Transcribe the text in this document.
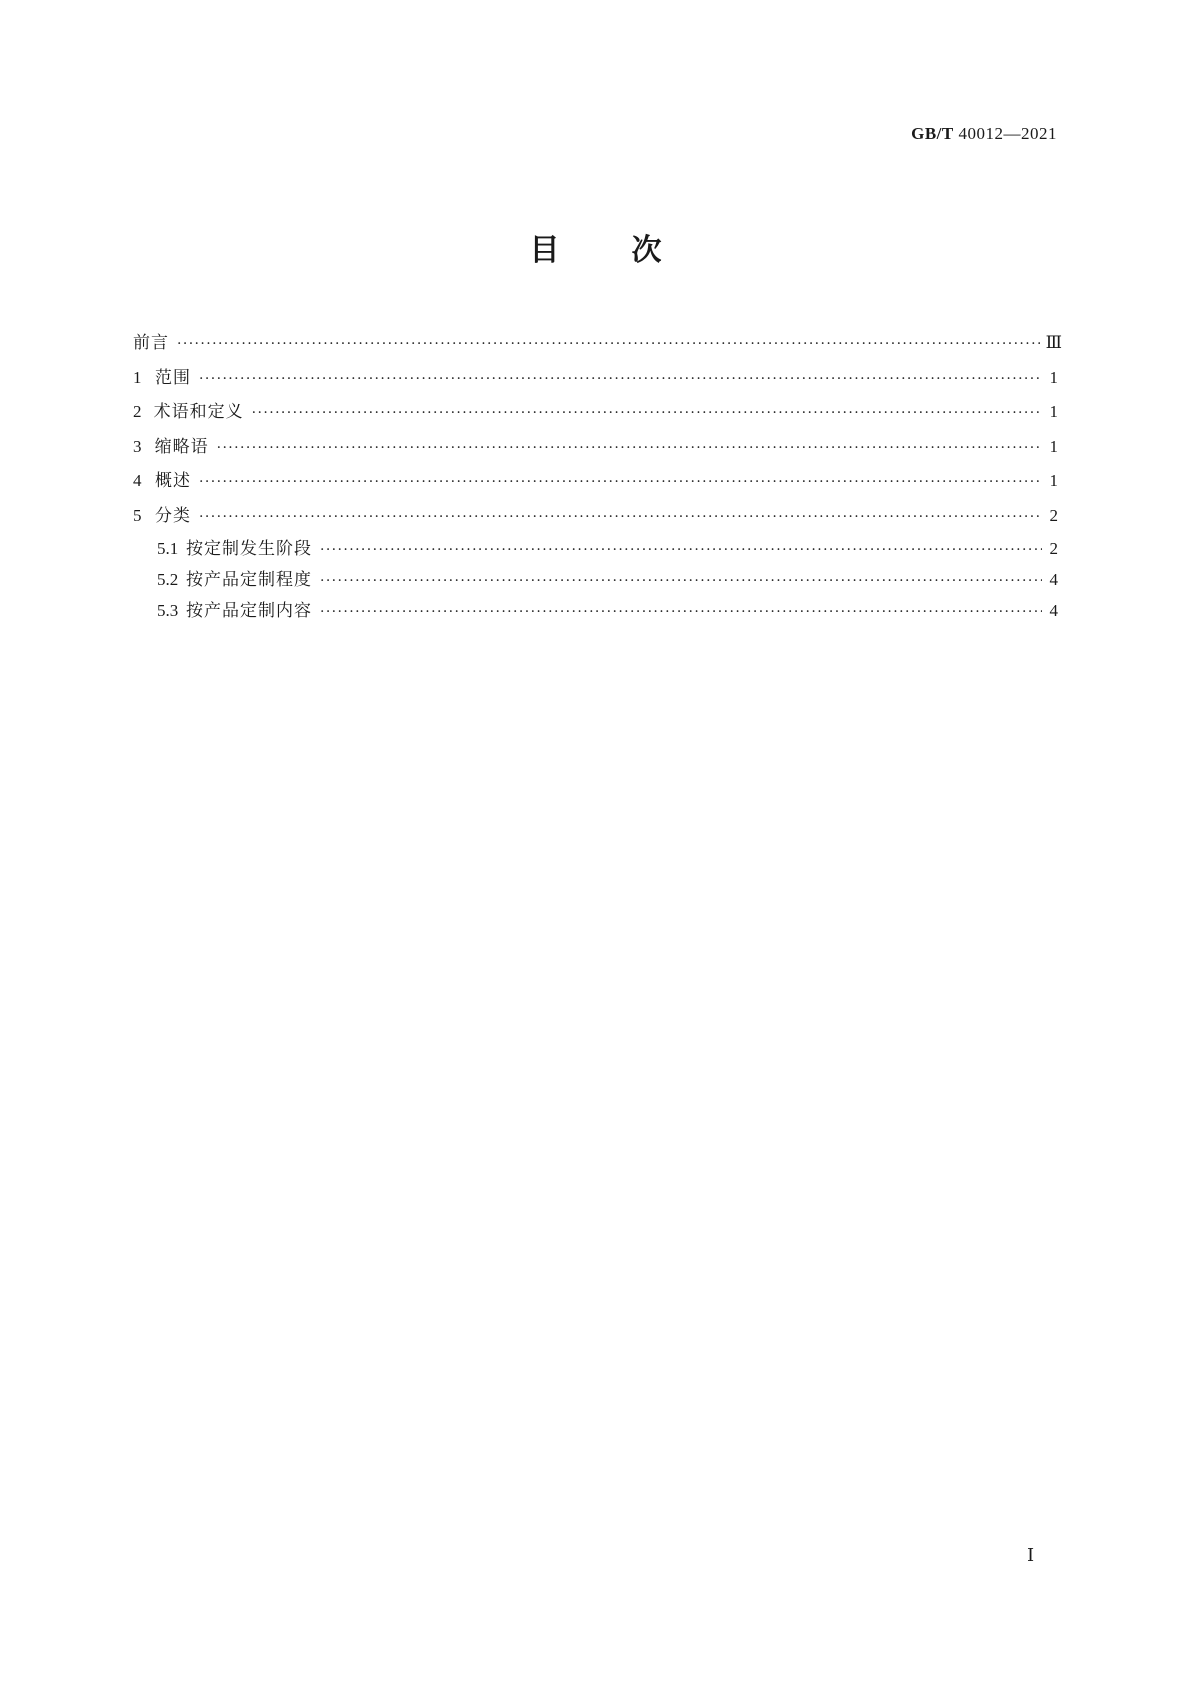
GB/T 40012—2021
目 次
前言 ·····	Ⅲ
1 范围 ·····	1
2 术语和定义 ·····	1
3 缩略语 ·····	1
4 概述 ·····	1
5 分类 ·····	2
5.1 按定制发生阶段 ·····	2
5.2 按产品定制程度 ·····	4
5.3 按产品定制内容 ·····	4
Ⅰ
